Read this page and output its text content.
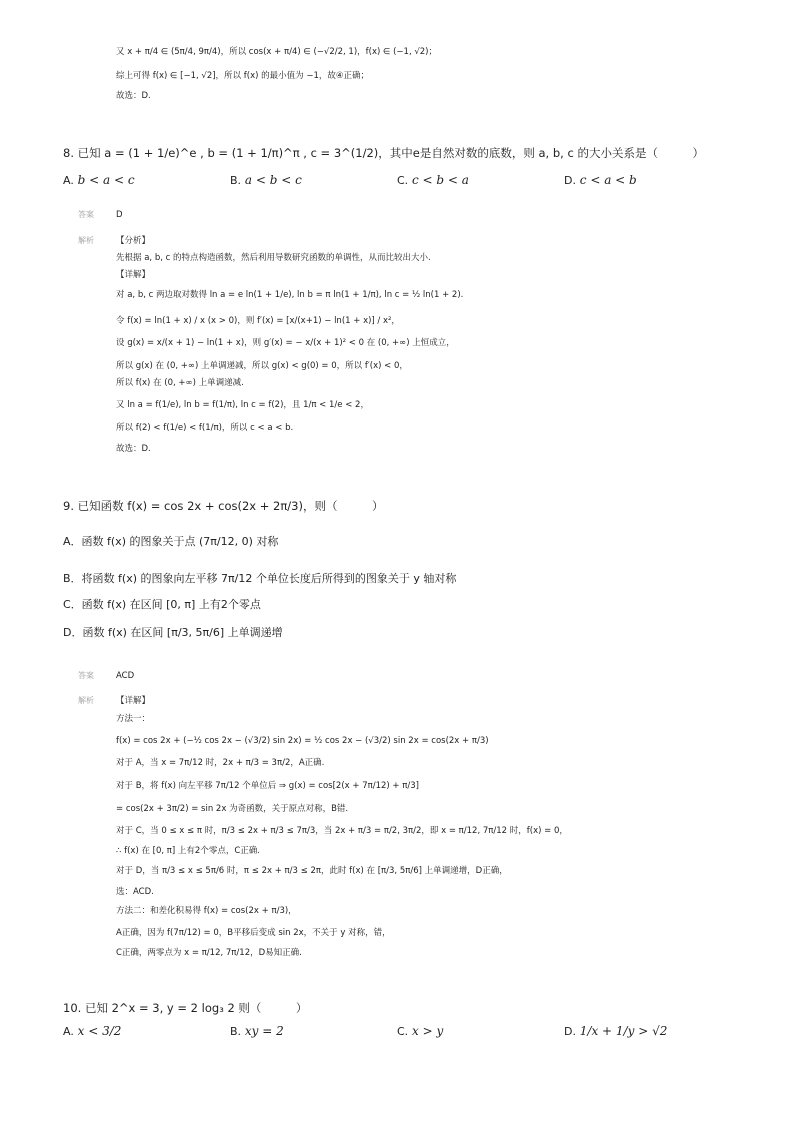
又 x + π/4 ∈ (5π/4, 9π/4)，所以 cos(x + π/4) ∈ (−√2/2, 1)，f(x) ∈ (−1, √2)；
综上可得 f(x) ∈ [−1, √2]，所以 f(x) 的最小值为 −1，故④正确；
故选：D.
8. 已知 a = (1 + 1/e)^e , b = (1 + 1/π)^π , c = 3^(1/2)，其中e是自然对数的底数，则 a, b, c 的大小关系是（　　　）
A. b < a < c	B. a < b < c	C. c < b < a	D. c < a < b
答案	D
解析	【分析】
先根据 a, b, c 的特点构造函数，然后利用导数研究函数的单调性，从而比较出大小.
【详解】
对 a, b, c 两边取对数得 ln a = e ln(1 + 1/e), ln b = π ln(1 + 1/π), ln c = ½ ln(1 + 2).
令 f(x) = ln(1 + x) / x (x > 0)，则 f′(x) = [x/(x+1) − ln(1 + x)] / x²，
设 g(x) = x/(x + 1) − ln(1 + x)，则 g′(x) = − x/(x + 1)² < 0 在 (0, +∞) 上恒成立，
所以 g(x) 在 (0, +∞) 上单调递减，所以 g(x) < g(0) = 0，所以 f′(x) < 0，
所以 f(x) 在 (0, +∞) 上单调递减.
又 ln a = f(1/e), ln b = f(1/π), ln c = f(2)，且 1/π < 1/e < 2，
所以 f(2) < f(1/e) < f(1/π)，所以 c < a < b.
故选：D.
9. 已知函数 f(x) = cos 2x + cos(2x + 2π/3)，则（　　　）
A．函数 f(x) 的图象关于点 (7π/12, 0) 对称
B．将函数 f(x) 的图象向左平移 7π/12 个单位长度后所得到的图象关于 y 轴对称
C．函数 f(x) 在区间 [0, π] 上有2个零点
D．函数 f(x) 在区间 [π/3, 5π/6] 上单调递增
答案	ACD
解析	【详解】
方法一：
f(x) = cos 2x + (−½ cos 2x − (√3/2) sin 2x) = ½ cos 2x − (√3/2) sin 2x = cos(2x + π/3)
对于 A，当 x = 7π/12 时，2x + π/3 = 3π/2，A正确.
对于 B，将 f(x) 向左平移 7π/12 个单位后 ⇒ g(x) = cos[2(x + 7π/12) + π/3]
= cos(2x + 3π/2) = sin 2x 为奇函数，关于原点对称，B错.
对于 C，当 0 ≤ x ≤ π 时，π/3 ≤ 2x + π/3 ≤ 7π/3，当 2x + π/3 = π/2, 3π/2，即 x = π/12, 7π/12 时，f(x) = 0，
∴ f(x) 在 [0, π] 上有2个零点，C正确.
对于 D，当 π/3 ≤ x ≤ 5π/6 时，π ≤ 2x + π/3 ≤ 2π，此时 f(x) 在 [π/3, 5π/6] 上单调递增，D正确，
选：ACD.
方法二：和差化积易得 f(x) = cos(2x + π/3)，
A正确，因为 f(7π/12) = 0，B平移后变成 sin 2x，不关于 y 对称，错，
C正确，两零点为 x = π/12, 7π/12，D易知正确.
10. 已知 2^x = 3, y = 2 log₃ 2 则（　　　）
A. x < 3/2	B. xy = 2	C. x > y	D. 1/x + 1/y > √2
